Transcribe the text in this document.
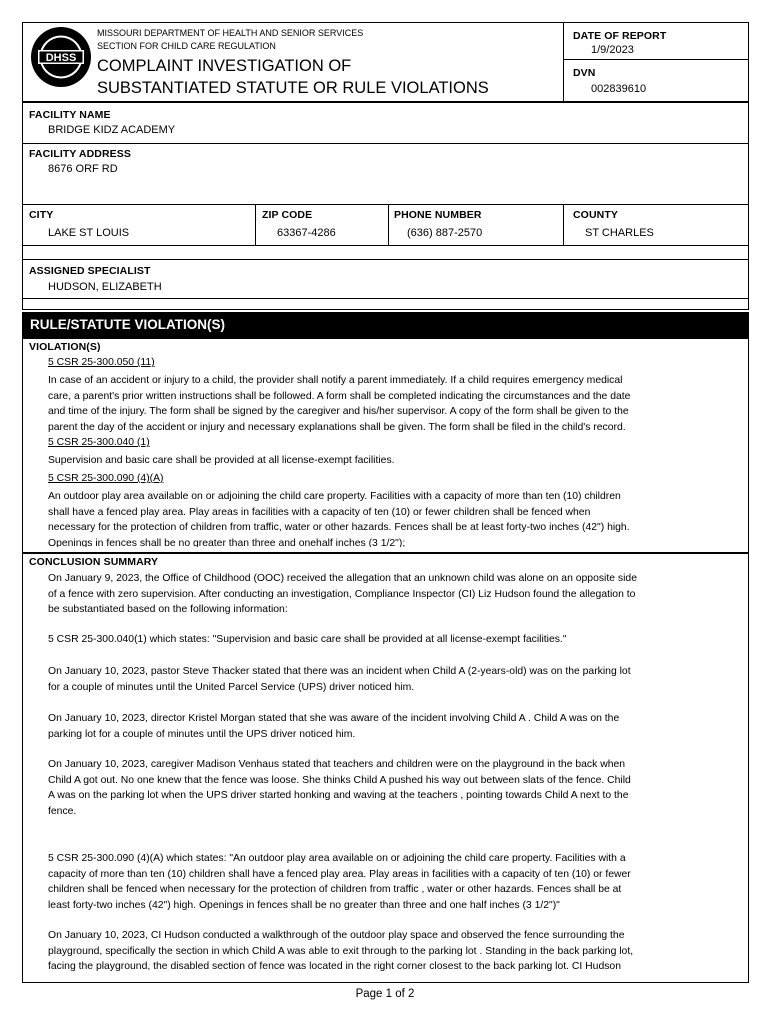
DHSS
MISSOURI DEPARTMENT OF HEALTH AND SENIOR SERVICES
SECTION FOR CHILD CARE REGULATION
COMPLAINT INVESTIGATION OF
SUBSTANTIATED STATUTE OR RULE VIOLATIONS
DATE OF REPORT
1/9/2023
DVN
002839610
FACILITY NAME
BRIDGE KIDZ ACADEMY
FACILITY ADDRESS
8676 ORF RD
CITY
LAKE ST LOUIS
ZIP CODE
63367-4286
PHONE NUMBER
(636) 887-2570
COUNTY
ST CHARLES
ASSIGNED SPECIALIST
HUDSON, ELIZABETH
RULE/STATUTE VIOLATION(S)
VIOLATION(S)
5 CSR 25-300.050 (11)
In case of an accident or injury to a child, the provider shall notify a parent immediately. If a child requires emergency medical
care, a parent's prior written instructions shall be followed. A form shall be completed indicating the circumstances and the date
and time of the injury. The form shall be signed by the caregiver and his/her supervisor. A copy of the form shall be given to the
parent the day of the accident or injury and necessary explanations shall be given. The form shall be filed in the child's record.
5 CSR 25-300.040 (1)
Supervision and basic care shall be provided at all license-exempt facilities.
5 CSR 25-300.090 (4)(A)
An outdoor play area available on or adjoining the child care property. Facilities with a capacity of more than ten (10) children
shall have a fenced play area. Play areas in facilities with a capacity of ten (10) or fewer children shall be fenced when
necessary for the protection of children from traffic, water or other hazards. Fences shall be at least forty-two inches (42") high.
Openings in fences shall be no greater than three and onehalf inches (3 1/2");
CONCLUSION SUMMARY
On January 9, 2023, the Office of Childhood (OOC) received the allegation that an unknown child was alone on an opposite side
of a fence with zero supervision. After conducting an investigation, Compliance Inspector (CI) Liz Hudson found the allegation to
be substantiated based on the following information:
5 CSR 25-300.040(1) which states: "Supervision and basic care shall be provided at all license-exempt facilities."
On January 10, 2023, pastor Steve Thacker stated that there was an incident when Child A (2-years-old) was on the parking lot
for a couple of minutes until the United Parcel Service (UPS) driver noticed him.
On January 10, 2023, director Kristel Morgan stated that she was aware of the incident involving Child A . Child A was on the
parking lot for a couple of minutes until the UPS driver noticed him.
On January 10, 2023, caregiver Madison Venhaus stated that teachers and children were on the playground in the back when
Child A got out. No one knew that the fence was loose. She thinks Child A pushed his way out between slats of the fence. Child
A was on the parking lot when the UPS driver started honking and waving at the teachers , pointing towards Child A next to the
fence.
5 CSR 25-300.090 (4)(A) which states: "An outdoor play area available on or adjoining the child care property. Facilities with a
capacity of more than ten (10) children shall have a fenced play area. Play areas in facilities with a capacity of ten (10) or fewer
children shall be fenced when necessary for the protection of children from traffic , water or other hazards. Fences shall be at
least forty-two inches (42") high. Openings in fences shall be no greater than three and one half inches (3 1/2")"
On January 10, 2023, CI Hudson conducted a walkthrough of the outdoor play space and observed the fence surrounding the
playground, specifically the section in which Child A was able to exit through to the parking lot . Standing in the back parking lot,
facing the playground, the disabled section of fence was located in the right corner closest to the back parking lot. CI Hudson
Page 1 of 2
